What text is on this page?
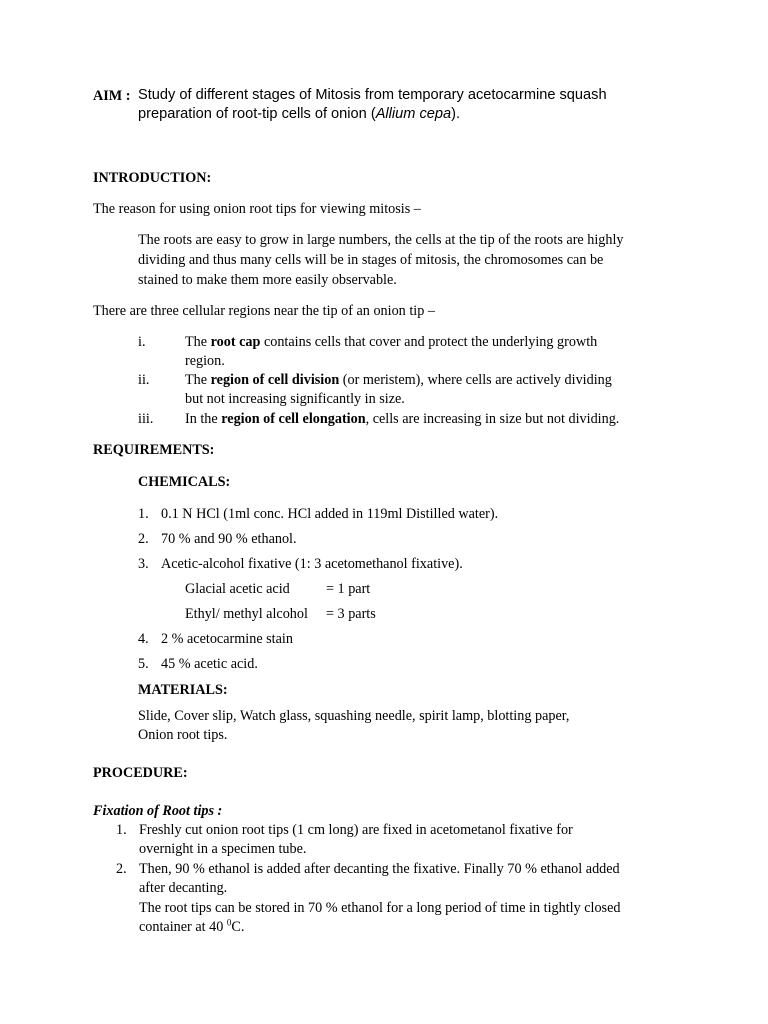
AIM : Study of different stages of Mitosis from temporary acetocarmine squash
preparation of root-tip cells of onion (Allium cepa).
INTRODUCTION:
The reason for using onion root tips for viewing mitosis –
The roots are easy to grow in large numbers, the cells at the tip of the roots are highly
dividing and thus many cells will be in stages of mitosis, the chromosomes can be
stained to make them more easily observable.
There are three cellular regions near the tip of an onion tip –
i.	The root cap contains cells that cover and protect the underlying growth
region.
ii.	The region of cell division (or meristem), where cells are actively dividing
but not increasing significantly in size.
iii. In the region of cell elongation, cells are increasing in size but not dividing.
REQUIREMENTS:
CHEMICALS:
1. 0.1 N HCl (1ml conc. HCl added in 119ml Distilled water).
2. 70 % and 90 % ethanol.
3. Acetic-alcohol fixative (1: 3 acetomethanol fixative).
Glacial acetic acid	= 1 part
Ethyl/ methyl alcohol = 3 parts
4. 2 % acetocarmine stain
5. 45 % acetic acid.
MATERIALS:
Slide, Cover slip, Watch glass, squashing needle, spirit lamp, blotting paper,
Onion root tips.
PROCEDURE:
Fixation of Root tips :
1. Freshly cut onion root tips (1 cm long) are fixed in acetometanol fixative for
overnight in a specimen tube.
2. Then, 90 % ethanol is added after decanting the fixative. Finally 70 % ethanol added
after decanting.
The root tips can be stored in 70 % ethanol for a long period of time in tightly closed
container at 40 $^0$C.
